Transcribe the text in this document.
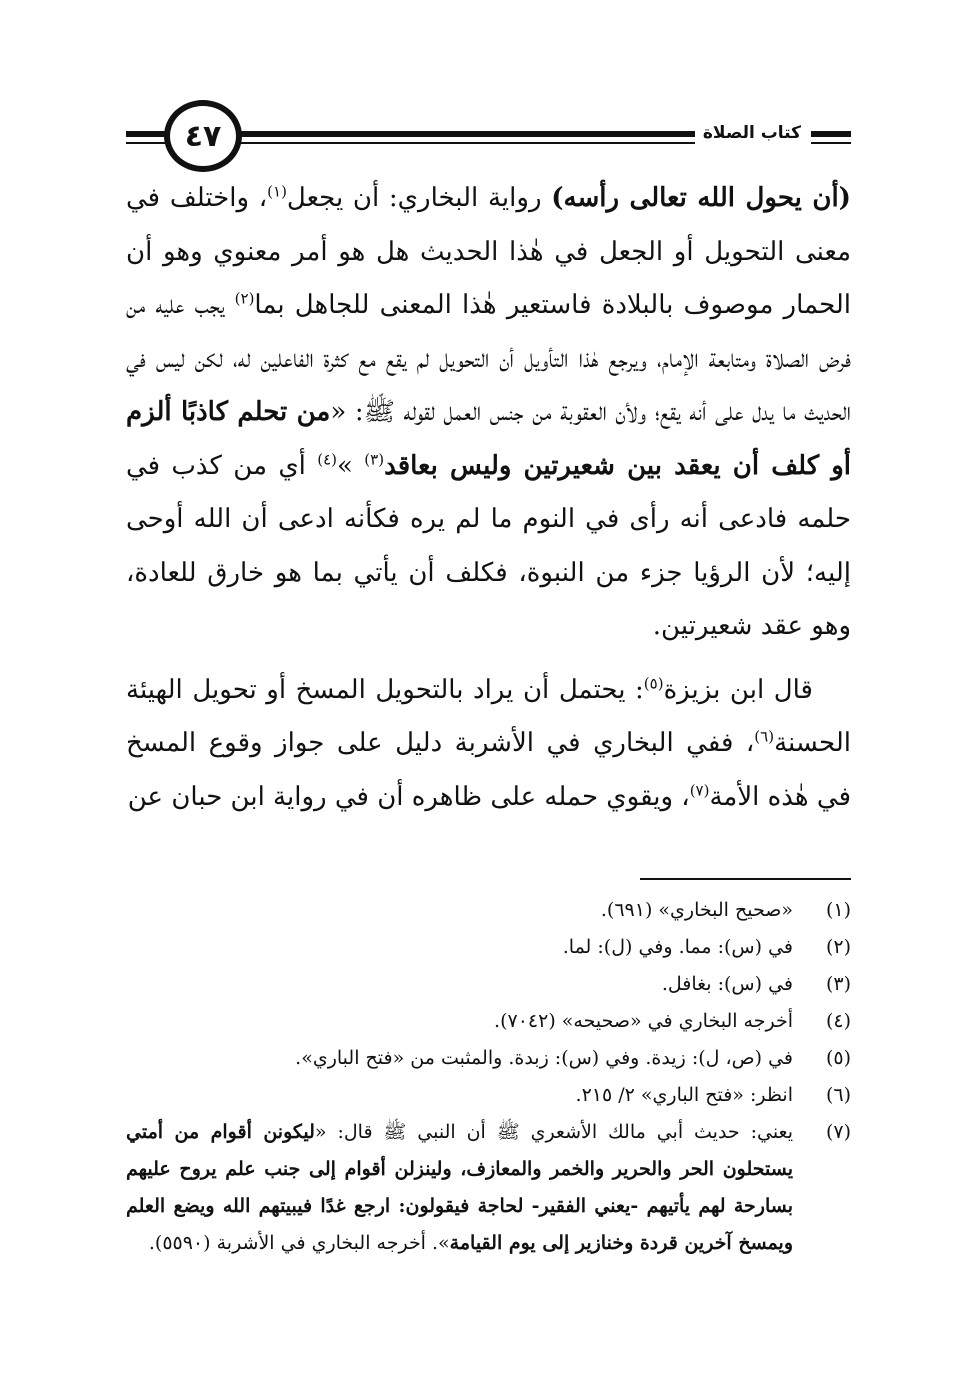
٤٧	كتاب الصلاة

(أن يحول الله تعالى رأسه) رواية البخاري: أن يجعل$^{(١)}$، واختلف في معنى التحويل أو الجعل في هٰذا الحديث هل هو أمر معنوي وهو أن الحمار موصوف بالبلادة فاستعير هٰذا المعنى للجاهل بما$^{(٢)}$ يجب عليه من فرض الصلاة ومتابعة الإمام، ويرجع هٰذا التأويل أن التحويل لم يقع مع كثرة الفاعلين له، لكن ليس في الحديث ما يدل على أنه يقع؛ ولأن العقوبة من جنس العمل لقوله ﷺ: «من تحلم كاذبًا ألزم أو كلف أن يعقد بين شعيرتين وليس بعاقد$^{(٣)}$ »$^{(٤)}$ أي من كذب في حلمه فادعى أنه رأى في النوم ما لم يره فكأنه ادعى أن الله أوحى إليه؛ لأن الرؤيا جزء من النبوة، فكلف أن يأتي بما هو خارق للعادة، وهو عقد شعيرتين.

قال ابن بزيزة$^{(٥)}$: يحتمل أن يراد بالتحويل المسخ أو تحويل الهيئة الحسنة$^{(٦)}$، ففي البخاري في الأشربة دليل على جواز وقوع المسخ في هٰذه الأمة$^{(٧)}$، ويقوي حمله على ظاهره أن في رواية ابن حبان عن

(١)
«صحيح البخاري» (٦٩١).
(٢)
في (س): مما. وفي (ل): لما.
(٣)
في (س): بغافل.
(٤)
أخرجه البخاري في «صحيحه» (٧٠٤٢).
(٥)
في (ص، ل): زيدة. وفي (س): زبدة. والمثبت من «فتح الباري».
(٦)
انظر: «فتح الباري» ٢/ ٢١٥.
(٧)
يعني: حديث أبي مالك الأشعري ﷺ أن النبي ﷺ قال: «ليكونن أقوام من أمتي يستحلون الحر والحرير والخمر والمعازف، ولينزلن أقوام إلى جنب علم يروح عليهم بسارحة لهم يأتيهم -يعني الفقير- لحاجة فيقولون: ارجع غدًا فيبيتهم الله ويضع العلم ويمسخ آخرين قردة وخنازير إلى يوم القيامة». أخرجه البخاري في الأشربة (٥٥٩٠).
